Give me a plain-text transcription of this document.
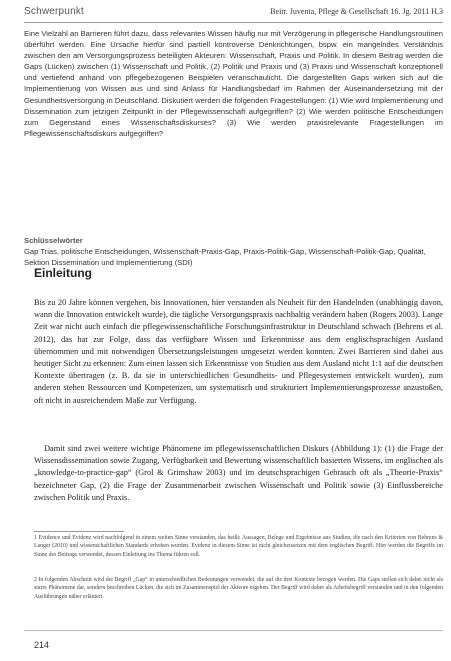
Schwerpunkt	Beitr. Juventa, Pflege & Gesellschaft 16. Jg. 2011 H.3
Eine Vielzahl an Barrieren führt dazu, dass relevantes Wissen häufig nur mit Verzögerung in pflegerische Handlungsroutinen überführt werden. Eine Ursache hierfür sind partiell kontroverse Denkrichtungen, bspw. ein mangelndes Verständnis zwischen den am Versorgungsprozess beteiligten Akteuren: Wissenschaft, Praxis und Politik. In diesem Beitrag werden die Gaps (Lücken) zwischen (1) Wissenschaft und Politik, (2) Politik und Praxis und (3) Praxis und Wissenschaft konzeptionell und vertiefend anhand von pflegebezogenen Beispielen veranschaulicht. Die dargestellten Gaps wirken sich auf die Implementierung von Wissen aus und sind Anlass für Handlungsbedarf im Rahmen der Auseinandersetzung mit der Gesundheitsversorgung in Deutschland. Diskutiert werden die folgenden Fragestellungen: (1) Wie wird Implementierung und Dissemination zum jetzigen Zeitpunkt in der Pflegewissenschaft aufgegriffen? (2) Wie werden politische Entscheidungen zum Gegenstand eines Wissenschaftsdiskurses? (3) Wie werden praxisrelevante Fragestellungen im Pflegewissenschaftsdiskurs aufgegriffen?
Schlüsselwörter
Gap Trias, politische Entscheidungen, Wissenschaft-Praxis-Gap, Praxis-Politik-Gap, Wissenschaft-Politik-Gap, Qualität, Sektion Dissemination und Implementierung (SDI)
Einleitung
Bis zu 20 Jahre können vergehen, bis Innovationen, hier verstanden als Neuheit für den Handelnden (unabhängig davon, wann die Innovation entwickelt wurde), die tägliche Versorgungspraxis nachhaltig verändern haben (Rogers 2003). Lange Zeit war nicht auch einfach die pflegewissenschaftliche Forschungsinfrastruktur in Deutschland schwach (Behrens et al. 2012), das hat zur Folge, dass das verfügbare Wissen und Erkenntnisse aus dem englischsprachigen Ausland übernommen und mit notwendigen Übersetzungsleistungen umgesetzt werden konnten. Zwei Barrieren sind dabei aus heutiger Sicht zu erkennen: Zum einen lassen sich Erkenntnisse von Studien aus dem Ausland nicht 1:1 auf die deutschen Kontexte übertragen (z. B. da sie in unterschiedlichen Gesundheits- und Pflegesystemen entwickelt wurden), zum anderen stehen Ressourcen und Kompetenzen, um systematisch und strukturiert Implementierungsprozesse anzustoßen, oft nicht in ausreichendem Maße zur Verfügung.
Damit sind zwei weitere wichtige Phänomene im pflegewissenschaftlichen Diskurs (Abbildung 1): (1) die Frage der Wissensdissemination sowie Zugang, Verfügbarkeit und Bewertung wissenschaftlich basierten Wissens, im englischen als „knowledge-to-practice-gap“ (Grol & Grimshaw 2003) und im deutschsprachigen Gebrauch oft als „Theorie-Praxis“ bezeichneter Gap, (2) die Frage der Zusammenarbeit zwischen Wissenschaft und Politik sowie (3) Einflussbereiche zwischen Politik und Praxis.
1 Evidence und Evidenz wird nachfolgend in einem weiten Sinne verstanden, das heißt: Aussagen, Belege und Ergebnisse aus Studien, die nach den Kriterien von Behrens & Langer (2010) und wissenschaftlichen Standards erhoben wurden. Evidenz in diesem Sinne ist nicht gleichzusetzen mit dem englischen Begriff. Hier werden die Begriffe im Sinne des Beitrags verwendet, dessen Einleitung ins Thema führen soll.
2 In folgenden Abschnitt wird der Begriff „Gap“ in unterschiedlichen Bedeutungen verwendet, die auf die drei Kontexte bezogen werden. Die Gaps stellen sich dabei nicht als starre Phänomene dar, sondern beschreiben Lücken, die sich im Zusammenspiel der Akteure ergeben. Der Begriff wird daher als Arbeitsbegriff verstanden und in den folgenden Ausführungen näher erläutert.
214
